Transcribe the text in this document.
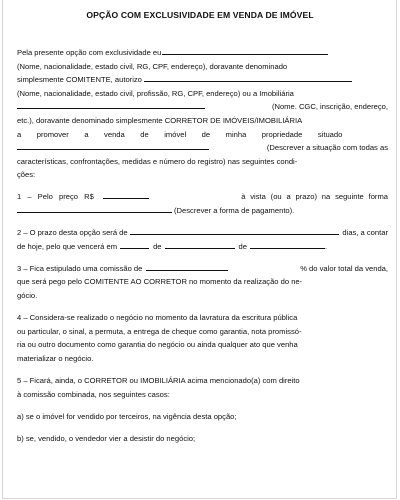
OPÇÃO COM EXCLUSIVIDADE EM VENDA DE IMÓVEL

Pela presente opção com exclusividade eu
(Nome, nacionalidade, estado civil, RG, CPF, endereço), doravante denominado
simplesmente COMITENTE, autorizo
(Nome, nacionalidade, estado civil, profissão, RG, CPF, endereço) ou a Imobiliária
(Nome. CGC, inscrição, endereço,
etc.), doravante denominado simplesmente CORRETOR DE IMÓVEIS/IMOBILIÁRIA
a promover a venda de imóvel de minha propriedade situado
(Descrever a situação com todas as
características, confrontações, medidas e número do registro) nas seguintes condi-
ções:

1 – Pelo preço R$	à vista (ou a prazo) na seguinte forma
(Descrever a forma de pagamento).

2 – O prazo desta opção será de	dias, a contar
de hoje, pelo que vencerá em	de	de	.

3 – Fica estipulado uma comissão de	% do valor total da venda,
que será pego pelo COMITENTE AO CORRETOR no momento da realização do ne-
gócio.

4 – Considera-se realizado o negócio no momento da lavratura da escritura pública
ou particular, o sinal, a permuta, a entrega de cheque como garantia, nota promissó-
ria ou outro documento como garantia do negócio ou ainda qualquer ato que venha
materializar o negócio.

5 – Ficará, ainda, o CORRETOR ou IMOBILIÁRIA acima mencionado(a) com direito
à comissão combinada, nos seguintes casos:

a) se o imóvel for vendido por terceiros, na vigência desta opção;

b) se, vendido, o vendedor vier a desistir do negócio;
